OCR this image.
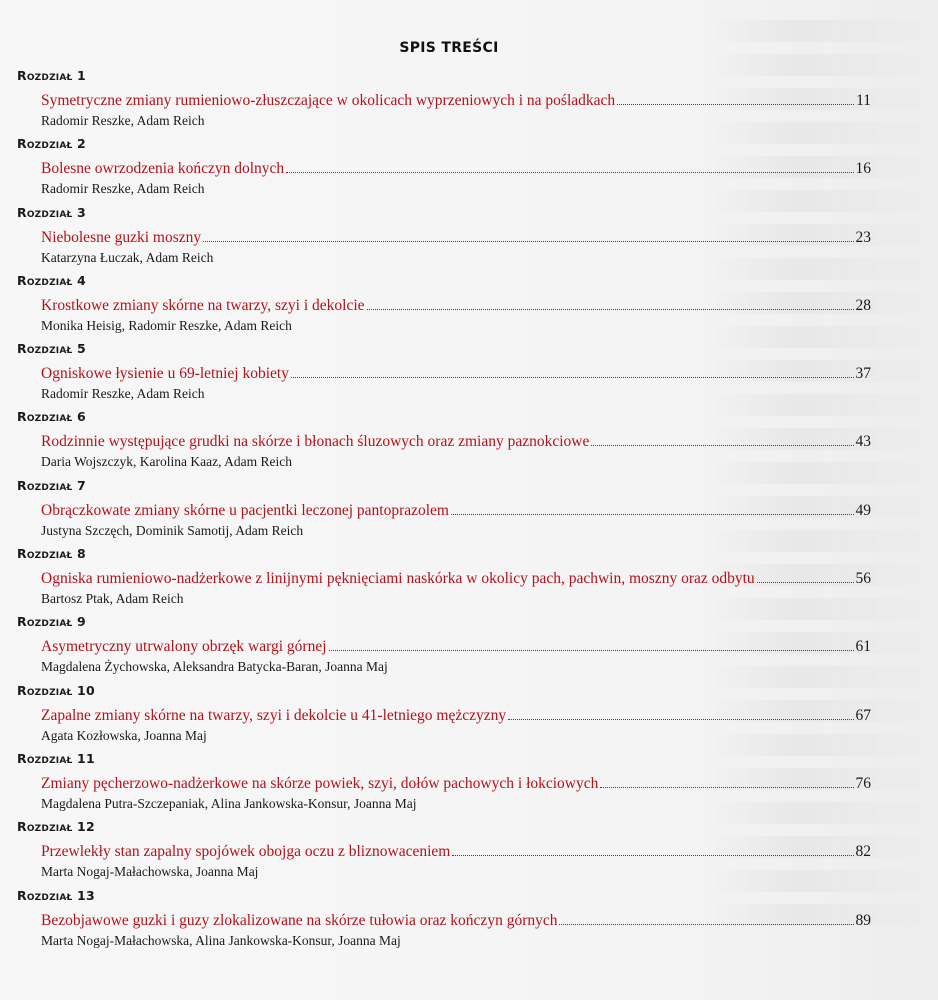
SPIS TREŚCI
Rozdział 1
Symetryczne zmiany rumieniowo-złuszczające w okolicach wyprzeniowych i na pośladkach	11
Radomir Reszke, Adam Reich
Rozdział 2
Bolesne owrzodzenia kończyn dolnych	16
Radomir Reszke, Adam Reich
Rozdział 3
Niebolesne guzki moszny	23
Katarzyna Łuczak, Adam Reich
Rozdział 4
Krostkowe zmiany skórne na twarzy, szyi i dekolcie	28
Monika Heisig, Radomir Reszke, Adam Reich
Rozdział 5
Ogniskowe łysienie u 69-letniej kobiety	37
Radomir Reszke, Adam Reich
Rozdział 6
Rodzinnie występujące grudki na skórze i błonach śluzowych oraz zmiany paznokciowe	43
Daria Wojszczyk, Karolina Kaaz, Adam Reich
Rozdział 7
Obrączkowate zmiany skórne u pacjentki leczonej pantoprazolem	49
Justyna Szczęch, Dominik Samotij, Adam Reich
Rozdział 8
Ogniska rumieniowo-nadżerkowe z linijnymi pęknięciami naskórka w okolicy pach, pachwin, moszny oraz odbytu	56
Bartosz Ptak, Adam Reich
Rozdział 9
Asymetryczny utrwalony obrzęk wargi górnej	61
Magdalena Żychowska, Aleksandra Batycka-Baran, Joanna Maj
Rozdział 10
Zapalne zmiany skórne na twarzy, szyi i dekolcie u 41-letniego mężczyzny	67
Agata Kozłowska, Joanna Maj
Rozdział 11
Zmiany pęcherzowo-nadżerkowe na skórze powiek, szyi, dołów pachowych i łokciowych	76
Magdalena Putra-Szczepaniak, Alina Jankowska-Konsur, Joanna Maj
Rozdział 12
Przewlekły stan zapalny spojówek obojga oczu z bliznowaceniem	82
Marta Nogaj-Małachowska, Joanna Maj
Rozdział 13
Bezobjawowe guzki i guzy zlokalizowane na skórze tułowia oraz kończyn górnych	89
Marta Nogaj-Małachowska, Alina Jankowska-Konsur, Joanna Maj
